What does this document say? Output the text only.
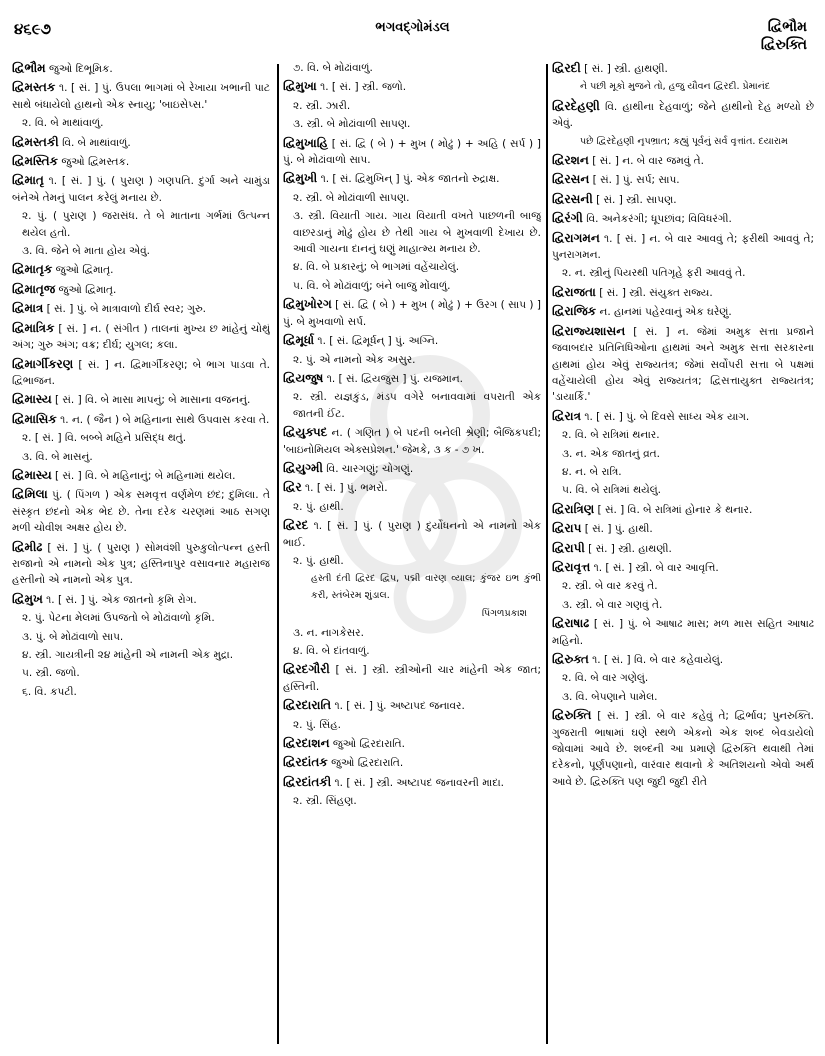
૪૬૯૭	ભગવદ્ગોમંડલ	દ્વિભૌમ
દ્વિરુક્તિ
દ્વિભૌમ જુઓ દિભૂમિક.
દ્વિમસ્તક ૧. [ સં. ] પું. ઉપલા ભાગમાં બે રેખાયા ખભાની પાટ સાથે બંધાયેલો હાથનો એક સ્નાયુ; 'બાઇસેપ્સ.'
૨. વિ. બે માથાંવાળું.
દ્વિમસ્તકી વિ. બે માથાંવાળું.
દ્વિમસ્તિક જુઓ દ્વિમસ્તક.
દ્વિમાતૃ ૧. [ સં. ] પું. ( પુરાણ ) ગણપતિ. દુર્ગા અને ચામુંડા બંનેએ તેમનું પાલન કરેલું મનાય છે.
૨. પું. ( પુરાણ ) જરાસંધ. તે બે માતાના ગર્ભમાં ઉત્પન્ન થયેલ હતો.
૩. વિ. જેને બે માતા હોય એવું.
દ્વિમાતૃક જુઓ દ્વિમાતૃ.
દ્વિમાતૃજ જુઓ દ્વિમાતૃ.
દ્વિમાત્ર [ સં. ] પું. બે માત્રાવાળો દીર્ઘ સ્વર; ગુરુ.
દ્વિમાત્રિક [ સં. ] ન. ( સંગીત ) તાલનાં મુખ્ય છ માંહેનું ચોથું અંગ; ગુરુ અંગ; વક્ર; દીર્ઘ; યુગલ; કલા.
દ્વિમાર્ગીકરણ [ સં. ] ન. દ્વિમાર્ગીકરણ; બે ભાગ પાડવા તે. દ્વિભાજન.
દ્વિમાસ્ય [ સં. ] વિ. બે માસા માપનું; બે માસાના વજનનું.
દ્વિમાસિક ૧. ન. ( જૈન ) બે મહિનાના સાથે ઉપવાસ કરવા તે.
૨. [ સં. ] વિ. બબ્બે મહિને પ્રસિદ્ધ થતું.
૩. વિ. બે માસનું.
દ્વિમાસ્ય [ સં. ] વિ. બે મહિનાનું; બે મહિનામાં થયેલ.
દ્વિમિલા પું. ( પિંગળ ) એક સમવૃત્ત વર્ણમેળ છંદ; દુમિલા. તે સંસ્કૃત છંદનો એક ભેદ છે. તેના દરેક ચરણમાં આઠ સગણ મળી ચોવીશ અક્ષર હોય છે.
દ્વિમીઢ [ સં. ] પું. ( પુરાણ ) સોમવંશી પુરુકુલોત્પન્ન હસ્તી રાજાનો એ નામનો એક પુત્ર; હસ્તિનાપુર વસાવનાર મહારાજ હસ્તીનો એ નામનો એક પુત્ર.
દ્વિમુખ ૧. [ સં. ] પું. એક જાતનો કૃમિ રોગ.
૨. પું. પેટના મેલમાં ઉપજતો બે મોઢાંવાળો કૃમિ.
૩. પું. બે મોઢાંવાળો સાપ.
૪. સ્ત્રી. ગાયત્રીની ૨૪ માંહેની એ નામની એક મુદ્રા.
૫. સ્ત્રી. જળો.
૬. વિ. કપટી.
૭. વિ. બે મોઢાંવાળું.
દ્વિમુખા ૧. [ સં. ] સ્ત્રી. જળો.
૨. સ્ત્રી. ઝારી.
૩. સ્ત્રી. બે મોઢાંવાળી સાપણ.
દ્વિમુખાહિ [ સં. દ્વિ ( બે ) + મુખ ( મોઢું ) + અહિ ( સર્પ ) ] પું. બે મોઢાંવાળો સાપ.
દ્વિમુખી ૧. [ સં. દ્વિમુખિન્ ] પું. એક જાતનો રુદ્રાક્ષ.
૨. સ્ત્રી. બે મોઢાંવાળી સાપણ.
૩. સ્ત્રી. વિયાતી ગાય. ગાય વિયાતી વખતે પાછળની બાજુ વાછરડાનું મોઢું હોય છે તેથી ગાય બે મુખવાળી દેખાય છે. આવી ગાયના દાનનું ઘણું માહાત્મ્ય મનાય છે.
૪. વિ. બે પ્રકારનું; બે ભાગમાં વહેંચાયેલું.
૫. વિ. બે મોઢાંવાળું; બંને બાજુ મોંવાળું.
દ્વિમુખોરગ [ સં. દ્વિ ( બે ) + મુખ ( મોઢું ) + ઉરગ ( સાપ ) ] પું. બે મુખવાળો સર્પ.
દ્વિમૂર્ધા ૧. [ સં. દ્વિમૂર્ધન્ ] પું. અગ્નિ.
૨. પું. એ નામનો એક અસુર.
દ્વિયજુષ ૧. [ સં. દ્વિયજુસ ] પું. યજમાન.
૨. સ્ત્રી. યજ્ઞકુંડ, મંડપ વગેરે બનાવવામાં વપરાતી એક જાતની ઈંટ.
દ્વિયુક્પદ ન. ( ગણિત ) બે પદની બનેલી શ્રેણી; બૈજિકપદી; 'બાઇનોમિયલ એક્સપ્રેશન.' જેમકે, ૩ ક - ૭ ખ.
દ્વિયુગ્મી વિ. ચારગણું; ચોગણું.
દ્વિર ૧. [ સં. ] પું. ભમરો.
૨. પું. હાથી.
દ્વિરદ ૧. [ સં. ] પું. ( પુરાણ ) દુર્યોધનનો એ નામનો એક ભાઈ.
૨. પું. હાથી.
હસ્તી દંતી દ્વિરદ દ્વિપ, પદ્મી વારણ વ્યાલ; કુંજર ઇભ કુંભી કરી, સ્તંબેરમ શુંડાલ.
પિંગળપ્રકાશ
૩. ન. નાગકેસર.
૪. વિ. બે દાંતવાળું.
દ્વિરદગૌરી [ સં. ] સ્ત્રી. સ્ત્રીઓની ચાર માંહેની એક જાત; હસ્તિની.
દ્વિરદારાતિ ૧. [ સં. ] પું. અષ્ટાપદ જનાવર.
૨. પું. સિંહ.
દ્વિરદાશન જુઓ દ્વિરદારાતિ.
દ્વિરદાંતક જુઓ દ્વિરદારાતિ.
દ્વિરદાંતકી ૧. [ સં. ] સ્ત્રી. અષ્ટાપદ જનાવરની માદા.
૨. સ્ત્રી. સિંહણ.
દ્વિરદી [ સં. ] સ્ત્રી. હાથણી.
ને પછી મૂકો મુજને તો, હજુ યૌવન દ્વિરદી. પ્રેમાનંદ
દ્વિરદેહણી વિ. હાથીના દેહવાળું; જેને હાથીનો દેહ મળ્યો છે એવું.
પછે દ્વિરદેહણી નૃપભ્રાત; કહ્યું પૂર્વનું સર્વ વૃત્તાંત. દયારામ
દ્વિરશન [ સં. ] ન. બે વાર જમવું તે.
દ્વિરસન [ સં. ] પું. સર્પ; સાપ.
દ્વિરસની [ સં. ] સ્ત્રી. સાપણ.
દ્વિરંગી વિ. અનેકરંગી; ધૂપછાંવ; વિવિધરંગી.
દ્વિરાગમન ૧. [ સં. ] ન. બે વાર આવવું તે; ફરીથી આવવું તે; પુનરાગમન.
૨. ન. સ્ત્રીનું પિયરથી પતિગૃહે ફરી આવવું તે.
દ્વિરાજતા [ સં. ] સ્ત્રી. સંયુક્ત રાજ્ય.
દ્વિરાજિક ન. હાનમાં પહેરવાનું એક ઘરેણું.
દ્વિરાજ્યશાસન [ સં. ] ન. જેમાં અમુક સત્તા પ્રજાને જવાબદાર પ્રતિનિધિઓના હાથમાં અને અમુક સત્તા સરકારના હાથમાં હોય એવું રાજ્યતંત્ર; જેમાં સર્વોપરી સત્તા બે પક્ષમાં વહેંચાયેલી હોય એવું રાજ્યતંત્ર; દ્વિસત્તાયુક્ત રાજ્યતંત્ર; 'ડાયાર્કિ.'
દ્વિરાત્ર ૧. [ સં. ] પું. બે દિવસે સાધ્ય એક યાગ.
૨. વિ. બે રાત્રિમાં થનાર.
૩. ન. એક જાતનું વ્રત.
૪. ન. બે રાત્રિ.
૫. વિ. બે રાત્રિમાં થયેલું.
દ્વિરાત્રિણ [ સં. ] વિ. બે રાત્રિમાં હોનાર કે થનાર.
દ્વિરાપ [ સં. ] પું. હાથી.
દ્વિરાપી [ સં. ] સ્ત્રી. હાથણી.
દ્વિરાવૃત્ત ૧. [ સં. ] સ્ત્રી. બે વાર આવૃત્તિ.
૨. સ્ત્રી. બે વાર કરવું તે.
૩. સ્ત્રી. બે વાર ગણવું તે.
દ્વિરાષાઢ [ સં. ] પું. બે આષાઢ માસ; મળ માસ સહિત આષાઢ મહિનો.
દ્વિરુક્ત ૧. [ સં. ] વિ. બે વાર કહેવાયેલું.
૨. વિ. બે વાર ગણેલું.
૩. વિ. બેપણાને પામેલ.
દ્વિરુક્તિ [ સં. ] સ્ત્રી. બે વાર કહેવું તે; દ્વિર્ભાવ; પુનરુક્તિ. ગુજરાતી ભાષામાં ઘણે સ્થળે એકનો એક શબ્દ બેવડાયેલો જોવામાં આવે છે. શબ્દની આ પ્રમાણે દ્વિરુક્તિ થવાથી તેમાં દરેકનો, પૂર્ણપણાનો, વારંવાર થવાનો કે અતિશયનો એવો અર્થ આવે છે. દ્વિરુક્તિ પણ જુદી જુદી રીતે
